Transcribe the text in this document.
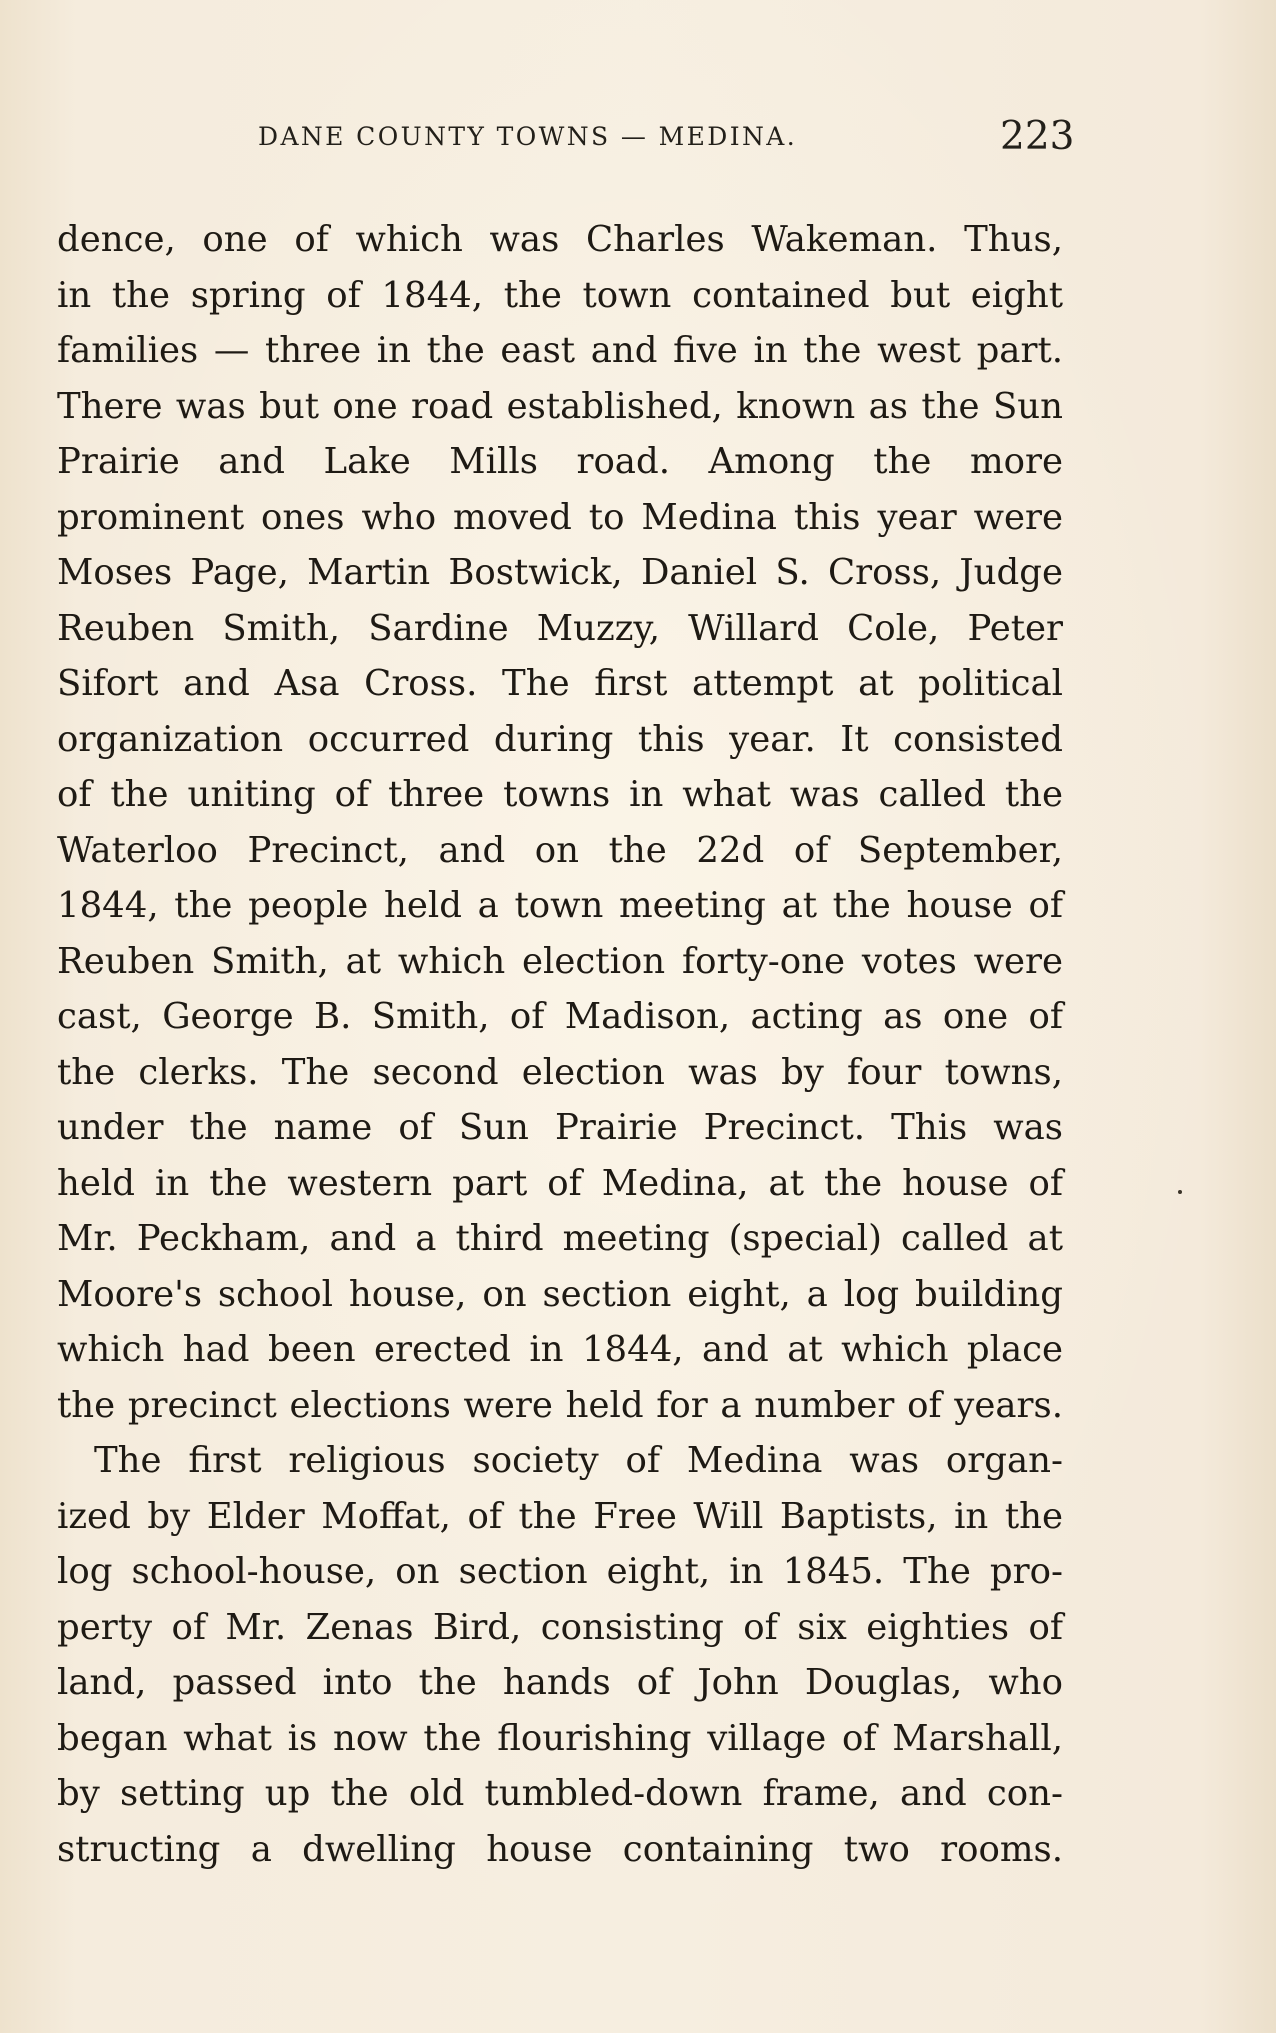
DANE COUNTY TOWNS — MEDINA.	223
dence, one of which was Charles Wakeman. Thus,
in the spring of 1844, the town contained but eight
families — three in the east and five in the west part.
There was but one road established, known as the Sun
Prairie and Lake Mills road. Among the more
prominent ones who moved to Medina this year were
Moses Page, Martin Bostwick, Daniel S. Cross, Judge
Reuben Smith, Sardine Muzzy, Willard Cole, Peter
Sifort and Asa Cross. The first attempt at political
organization occurred during this year. It consisted
of the uniting of three towns in what was called the
Waterloo Precinct, and on the 22d of September,
1844, the people held a town meeting at the house of
Reuben Smith, at which election forty-one votes were
cast, George B. Smith, of Madison, acting as one of
the clerks. The second election was by four towns,
under the name of Sun Prairie Precinct. This was
held in the western part of Medina, at the house of
Mr. Peckham, and a third meeting (special) called at
Moore's school house, on section eight, a log building
which had been erected in 1844, and at which place
the precinct elections were held for a number of years.
The first religious society of Medina was organ-
ized by Elder Moffat, of the Free Will Baptists, in the
log school-house, on section eight, in 1845. The pro-
perty of Mr. Zenas Bird, consisting of six eighties of
land, passed into the hands of John Douglas, who
began what is now the flourishing village of Marshall,
by setting up the old tumbled-down frame, and con-
structing a dwelling house containing two rooms.
